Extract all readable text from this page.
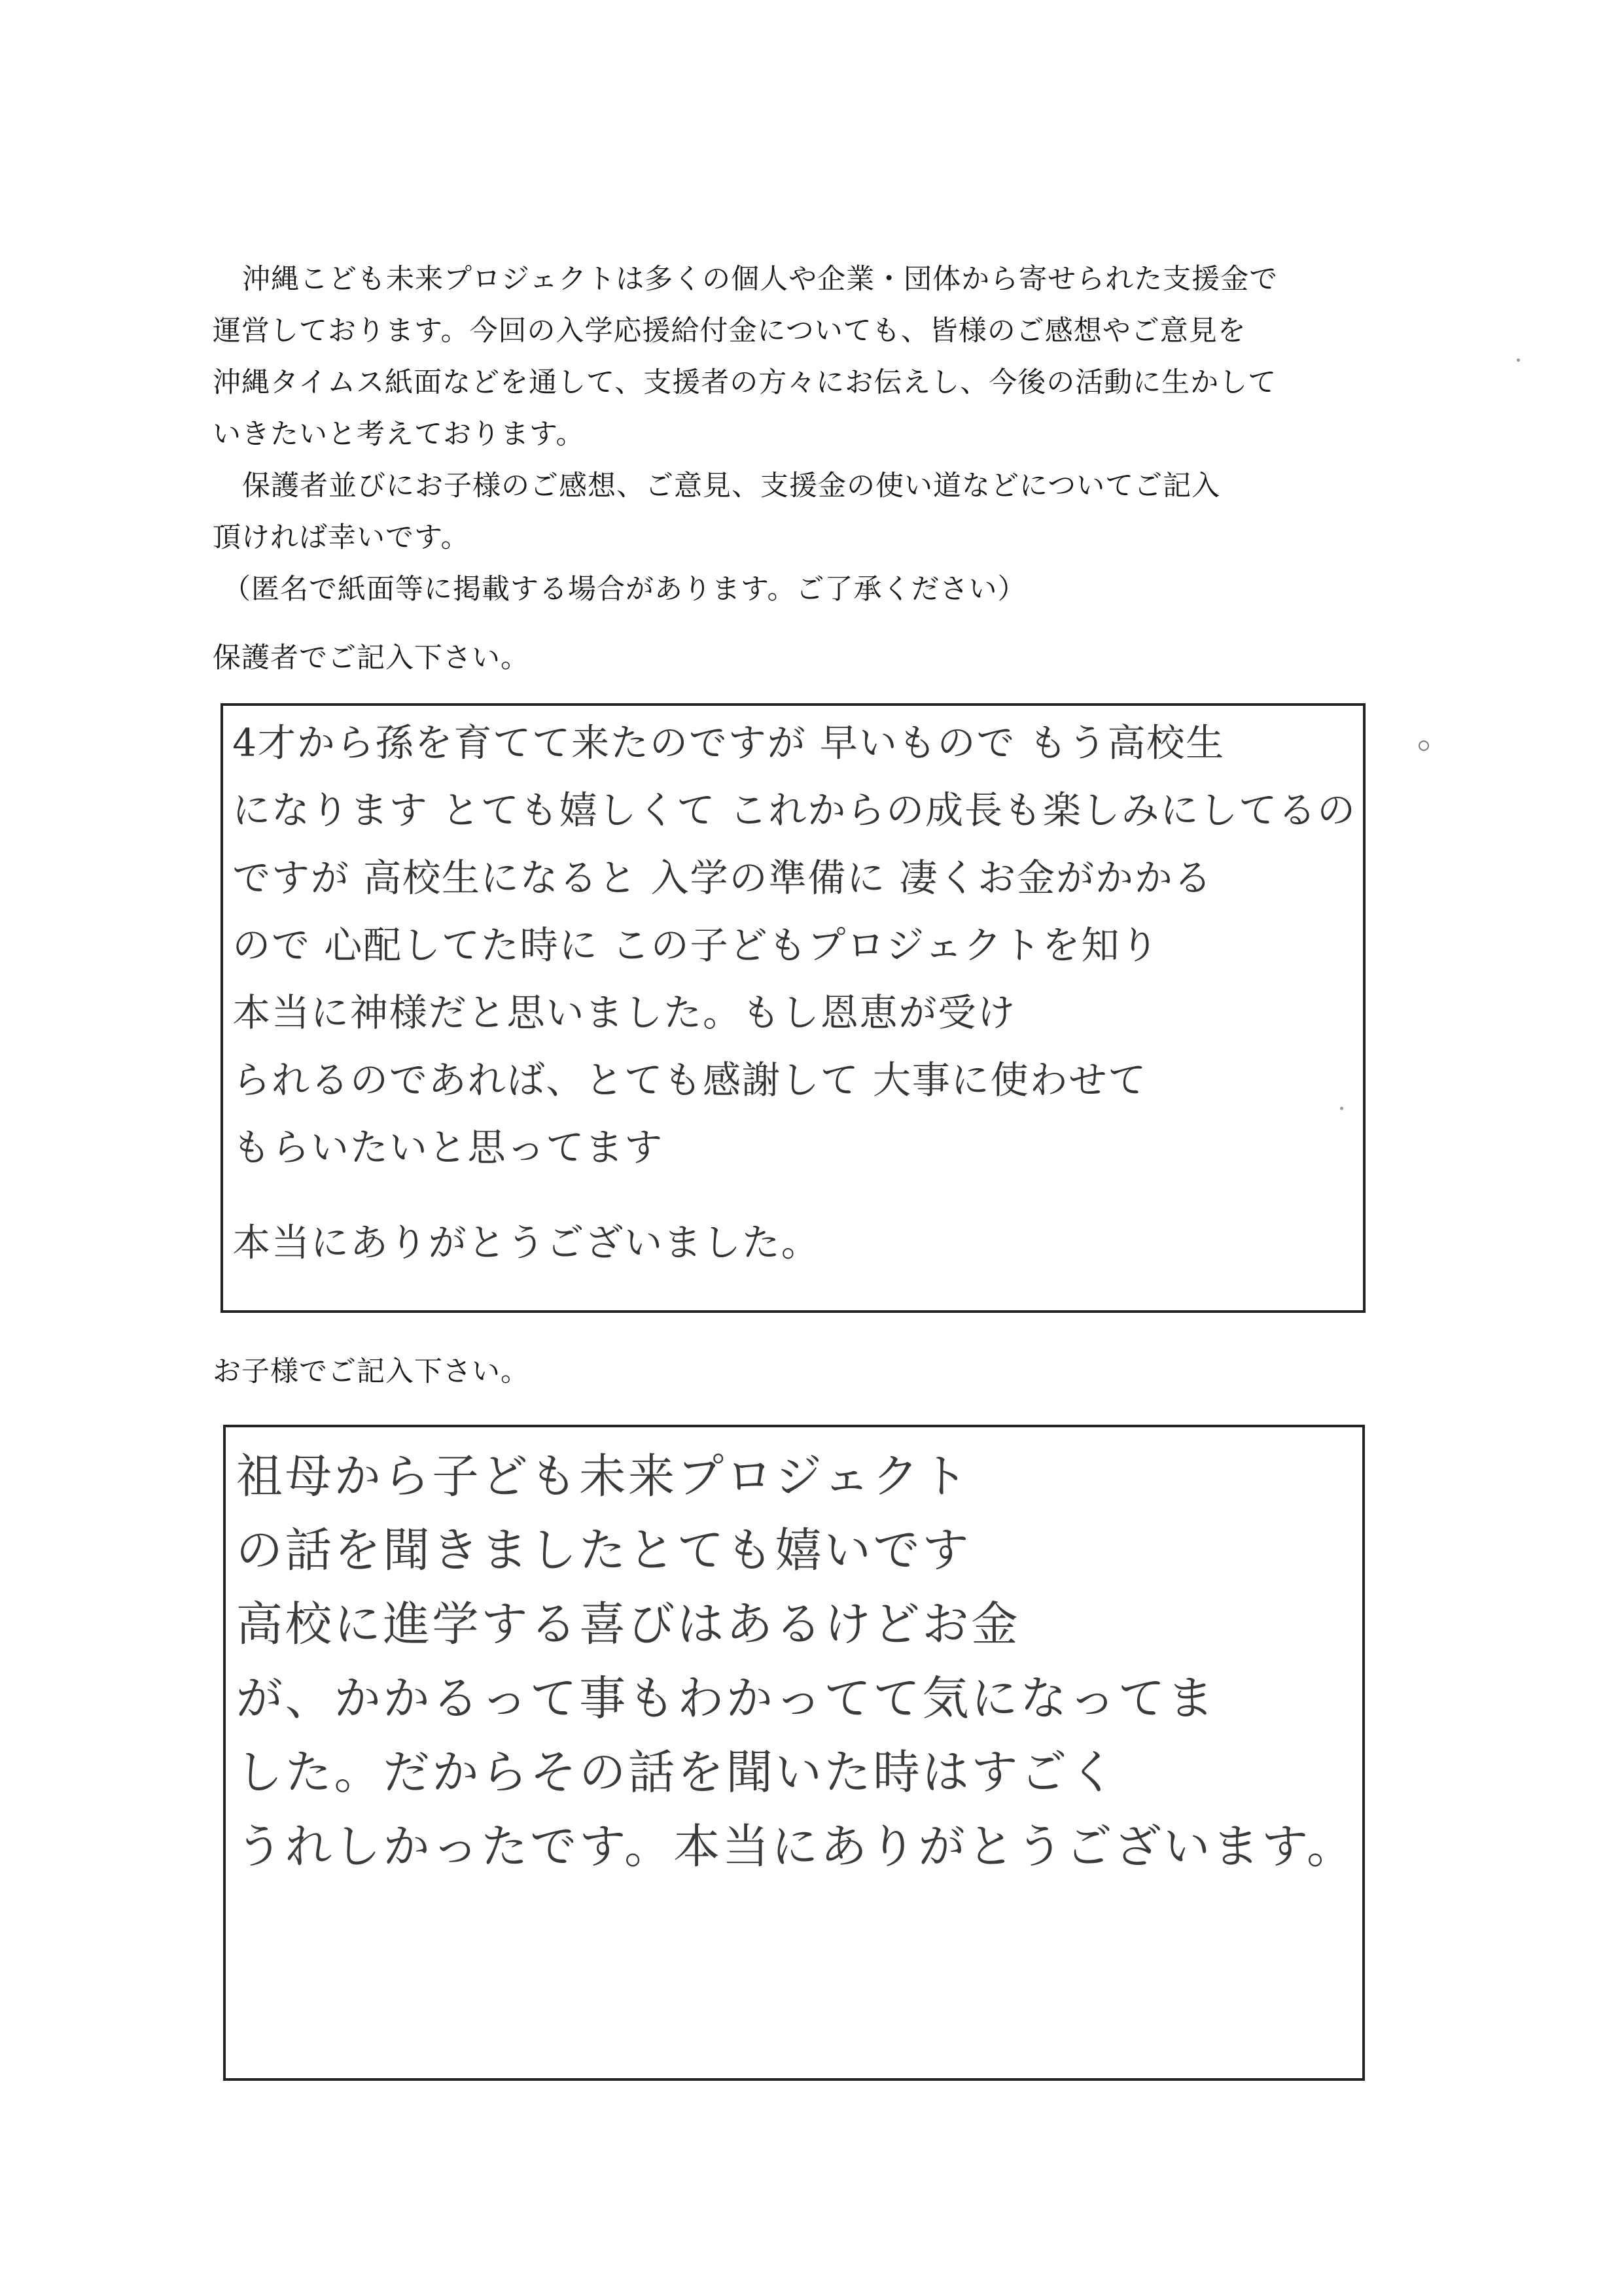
沖縄こども未来プロジェクトは多くの個人や企業・団体から寄せられた支援金で

運営しております。今回の入学応援給付金についても、皆様のご感想やご意見を

沖縄タイムス紙面などを通して、支援者の方々にお伝えし、今後の活動に生かして

いきたいと考えております。

保護者並びにお子様のご感想、ご意見、支援金の使い道などについてご記入

頂ければ幸いです。

（匿名で紙面等に掲載する場合があります。ご了承ください）

保護者でご記入下さい。

4才から孫を育てて来たのですが 早いもので もう高校生

になります とても嬉しくて これからの成長も楽しみにしてるの

ですが 高校生になると 入学の準備に 凄くお金がかかる

ので 心配してた時に この子どもプロジェクトを知り

本当に神様だと思いました。もし恩恵が受け

られるのであれば、とても感謝して 大事に使わせて

もらいたいと思ってます

本当にありがとうございました。

お子様でご記入下さい。

祖母から子ども未来プロジェクト

の話を聞きましたとても嬉いです

高校に進学する喜びはあるけどお金

が、かかるって事もわかってて気になってま

した。だからその話を聞いた時はすごく

うれしかったです。本当にありがとうございます。
